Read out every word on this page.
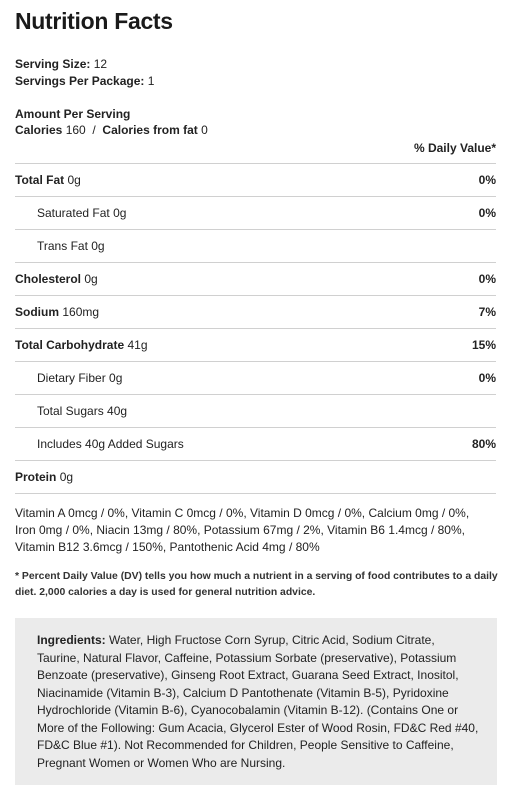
Nutrition Facts
Serving Size: 12
Servings Per Package: 1
Amount Per Serving
Calories 160 / Calories from fat 0
% Daily Value*
Total Fat 0g	0%
Saturated Fat 0g	0%
Trans Fat 0g
Cholesterol 0g	0%
Sodium 160mg	7%
Total Carbohydrate 41g	15%
Dietary Fiber 0g	0%
Total Sugars 40g
Includes 40g Added Sugars	80%
Protein 0g
Vitamin A 0mcg / 0%, Vitamin C 0mcg / 0%, Vitamin D 0mcg / 0%, Calcium 0mg / 0%, Iron 0mg / 0%, Niacin 13mg / 80%, Potassium 67mg / 2%, Vitamin B6 1.4mcg / 80%, Vitamin B12 3.6mcg / 150%, Pantothenic Acid 4mg / 80%
* Percent Daily Value (DV) tells you how much a nutrient in a serving of food contributes to a daily diet. 2,000 calories a day is used for general nutrition advice.
Ingredients: Water, High Fructose Corn Syrup, Citric Acid, Sodium Citrate, Taurine, Natural Flavor, Caffeine, Potassium Sorbate (preservative), Potassium Benzoate (preservative), Ginseng Root Extract, Guarana Seed Extract, Inositol, Niacinamide (Vitamin B-3), Calcium D Pantothenate (Vitamin B-5), Pyridoxine Hydrochloride (Vitamin B-6), Cyanocobalamin (Vitamin B-12). (Contains One or More of the Following: Gum Acacia, Glycerol Ester of Wood Rosin, FD&C Red #40, FD&C Blue #1). Not Recommended for Children, People Sensitive to Caffeine, Pregnant Women or Women Who are Nursing.
